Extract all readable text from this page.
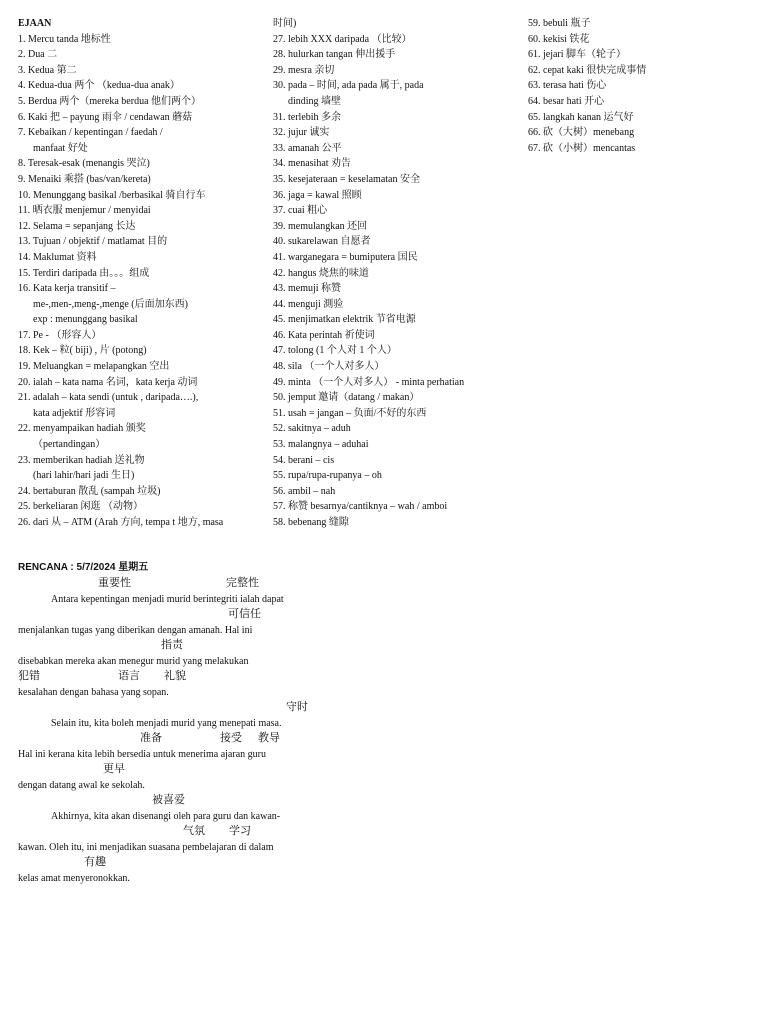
EJAAN
1. Mercu tanda 地标性
2. Dua 二
3. Kedua 第二
4. Kedua-dua 两个 （kedua-dua anak）
5. Berdua 两个（mereka berdua 他们两个）
6. Kaki 把 – payung 雨伞 / cendawan 蘑菇
7. Kebaikan / kepentingan / faedah /
manfaat 好处
8. Teresak-esak (menangis 哭泣)
9. Menaiki 乘搭 (bas/van/kereta)
10. Menunggang basikal /berbasikal 骑自行车
11. 晒衣服 menjemur / menyidai
12. Selama = sepanjang 长达
13. Tujuan / objektif / matlamat 目的
14. Maklumat 资料
15. Terdiri daripada 由。。。组成
16. Kata kerja transitif –
me-,men-,meng-,menge (后面加东西)
exp : menunggang basikal
17. Pe - （形容人）
18. Kek – 粒( biji) , 片 (potong)
19. Meluangkan = melapangkan 空出
20. ialah – kata nama 名词，kata kerja 动词
21. adalah – kata sendi (untuk , daripada….),
kata adjektif 形容词
22. menyampaikan hadiah 颁奖
（pertandingan）
23. memberikan hadiah 送礼物
(hari lahir/hari jadi 生日)
24. bertaburan 散乱 (sampah 垃圾)
25. berkeliaran 闲逛 （动物）
26. dari 从 – ATM (Arah 方向, tempa t 地方, masa
时间)
27. lebih XXX daripada （比较）
28. hulurkan tangan 伸出援手
29. mesra 亲切
30. pada – 时间, ada pada 属于, pada
dinding 墙壁
31. terlebih 多余
32. jujur 诚实
33. amanah 公平
34. menasihat 劝告
35. kesejateraan = keselamatan 安全
36. jaga = kawal 照顾
37. cuai 粗心
39. memulangkan 还回
40. sukarelawan 自愿者
41. warganegara = bumiputera 国民
42. hangus 烧焦的味道
43. memuji 称赞
44. menguji 測验
45. menjimatkan elektrik 节省电源
46. Kata perintah 祈使词
47. tolong (1 个人对 1 个人）
48. sila （一个人对多人）
49. minta （一个人对多人） - minta perhatian
50. jemput 邀请（datang / makan）
51. usah = jangan – 负面/不好的东西
52. sakitnya – aduh
53. malangnya – aduhai
54. berani – cis
55. rupa/rupa-rupanya – oh
56. ambil – nah
57. 称赞 besarnya/cantiknya – wah / amboi
58. bebenang 缝隙
59. bebuli 瓶子
60. kekisi 铁花
61. jejari 脚车（轮子）
62. cepat kaki 很快完成事情
63. terasa hati 伤心
64. besar hati 开心
65. langkah kanan 运气好
66. 砍（大树）menebang
67. 砍（小树）mencantas
RENCANA : 5/7/2024 星期五
重要性	完整性
Antara kepentingan menjadi murid berintegriti ialah dapat
可信任
menjalankan tugas yang diberikan dengan amanah. Hal ini
指责
disebabkan mereka akan menegur murid yang melakukan
犯错	语言 礼貌
kesalahan dengan bahasa yang sopan.
守时
Selain itu, kita boleh menjadi murid yang menepati masa.
准备	接受 教导
Hal ini kerana kita lebih bersedia untuk menerima ajaran guru
更早
dengan datang awal ke sekolah.
被喜爱
Akhirnya, kita akan disenangi oleh para guru dan kawan-
气氛 学习
kawan. Oleh itu, ini menjadikan suasana pembelajaran di dalam
有趣
kelas amat menyeronokkan.
